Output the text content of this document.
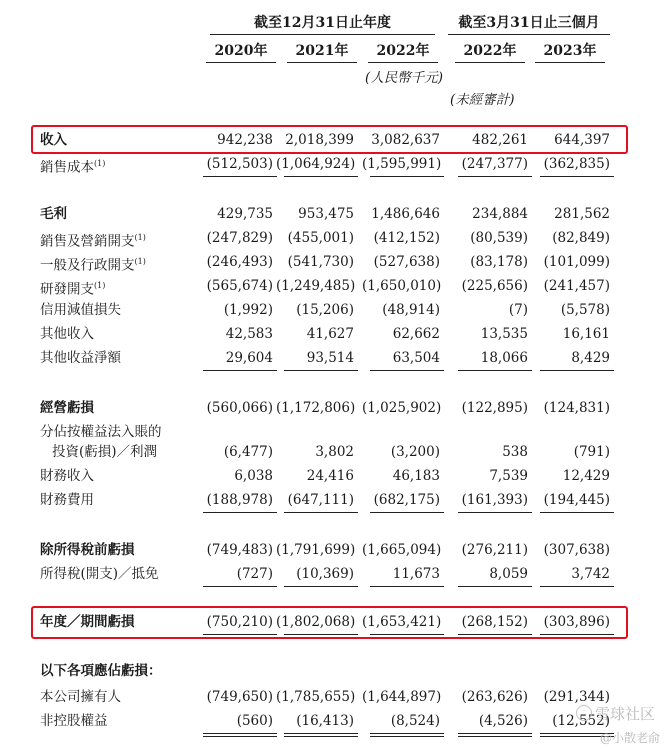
截至12月31日止年度	截至3月31日止三個月
2020年	2021年	2022年	2022年	2023年
(人民幣千元)
(未經審計)
收入	942,238 2,018,399	3,082,637	482,261	644,397
銷售成本$^{(1)}$	(512,503) (1,064,924) (1,595,991)	(247,377)	(362,835)
毛利	429,735	953,475	1,486,646	234,884	281,562
銷售及營銷開支$^{(1)}$	(247,829)	(455,001)	(412,152)	(80,539)	(82,849)
一般及行政開支$^{(1)}$	(246,493)	(541,730)	(527,638)	(83,178)	(101,099)
研發開支$^{(1)}$	(565,674) (1,249,485) (1,650,010)	(225,656)	(241,457)
信用減值損失	(1,992)	(15,206)	(48,914)	(7)	(5,578)
其他收入	42,583	41,627	62,662	13,535	16,161
其他收益淨額	29,604	93,514	63,504	18,066	8,429
經營虧損	(560,066) (1,172,806) (1,025,902)	(122,895)	(124,831)
分佔按權益法入賬的
投資(虧損)／利潤	(6,477)	3,802	(3,200)	538	(791)
財務收入	6,038	24,416	46,183	7,539	12,429
財務費用	(188,978)	(647,111)	(682,175)	(161,393)	(194,445)
除所得稅前虧損	(749,483) (1,791,699) (1,665,094)	(276,211)	(307,638)
所得稅(開支)／抵免	(727)	(10,369)	11,673	8,059	3,742
年度／期間虧損	(750,210) (1,802,068) (1,653,421)	(268,152)	(303,896)
以下各項應佔虧損：
本公司擁有人	(749,650) (1,785,655) (1,644,897)	(263,626)	(291,344)
非控股權益	(560)	(16,413)	(8,524)	(4,526)	(12,552)
雪球社区
@小散老俞
